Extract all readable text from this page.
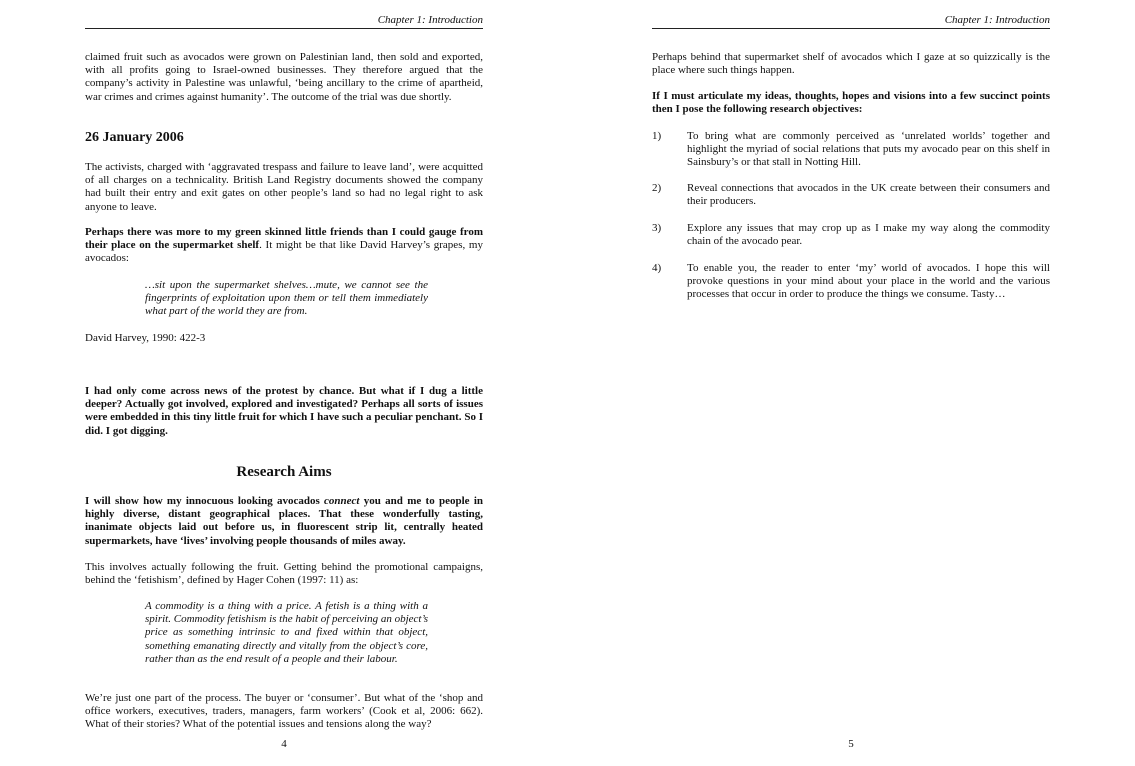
Chapter 1: Introduction
claimed fruit such as avocados were grown on Palestinian land, then sold and exported, with all profits going to Israel-owned businesses. They therefore argued that the company’s activity in Palestine was unlawful, ‘being ancillary to the crime of apartheid, war crimes and crimes against humanity’. The outcome of the trial was due shortly.
26 January 2006
The activists, charged with ‘aggravated trespass and failure to leave land’, were acquitted of all charges on a technicality. British Land Registry documents showed the company had built their entry and exit gates on other people’s land so had no legal right to ask anyone to leave.
Perhaps there was more to my green skinned little friends than I could gauge from their place on the supermarket shelf. It might be that like David Harvey’s grapes, my avocados:
…sit upon the supermarket shelves…mute, we cannot see the fingerprints of exploitation upon them or tell them immediately what part of the world they are from.
David Harvey, 1990: 422-3
I had only come across news of the protest by chance. But what if I dug a little deeper? Actually got involved, explored and investigated? Perhaps all sorts of issues were embedded in this tiny little fruit for which I have such a peculiar penchant. So I did. I got digging.
Research Aims
I will show how my innocuous looking avocados connect you and me to people in highly diverse, distant geographical places. That these wonderfully tasting, inanimate objects laid out before us, in fluorescent strip lit, centrally heated supermarkets, have ‘lives’ involving people thousands of miles away.
This involves actually following the fruit. Getting behind the promotional campaigns, behind the ‘fetishism’, defined by Hager Cohen (1997: 11) as:
A commodity is a thing with a price. A fetish is a thing with a spirit. Commodity fetishism is the habit of perceiving an object’s price as something intrinsic to and fixed within that object, something emanating directly and vitally from the object’s core, rather than as the end result of a people and their labour.
We’re just one part of the process. The buyer or ‘consumer’. But what of the ‘shop and office workers, executives, traders, managers, farm workers’ (Cook et al, 2006: 662). What of their stories? What of the potential issues and tensions along the way?
4
Chapter 1: Introduction
Perhaps behind that supermarket shelf of avocados which I gaze at so quizzically is the place where such things happen.
If I must articulate my ideas, thoughts, hopes and visions into a few succinct points then I pose the following research objectives:
1) To bring what are commonly perceived as ‘unrelated worlds’ together and highlight the myriad of social relations that puts my avocado pear on this shelf in Sainsbury’s or that stall in Notting Hill.
2) Reveal connections that avocados in the UK create between their consumers and their producers.
3) Explore any issues that may crop up as I make my way along the commodity chain of the avocado pear.
4) To enable you, the reader to enter ‘my’ world of avocados. I hope this will provoke questions in your mind about your place in the world and the various processes that occur in order to produce the things we consume. Tasty…
5
